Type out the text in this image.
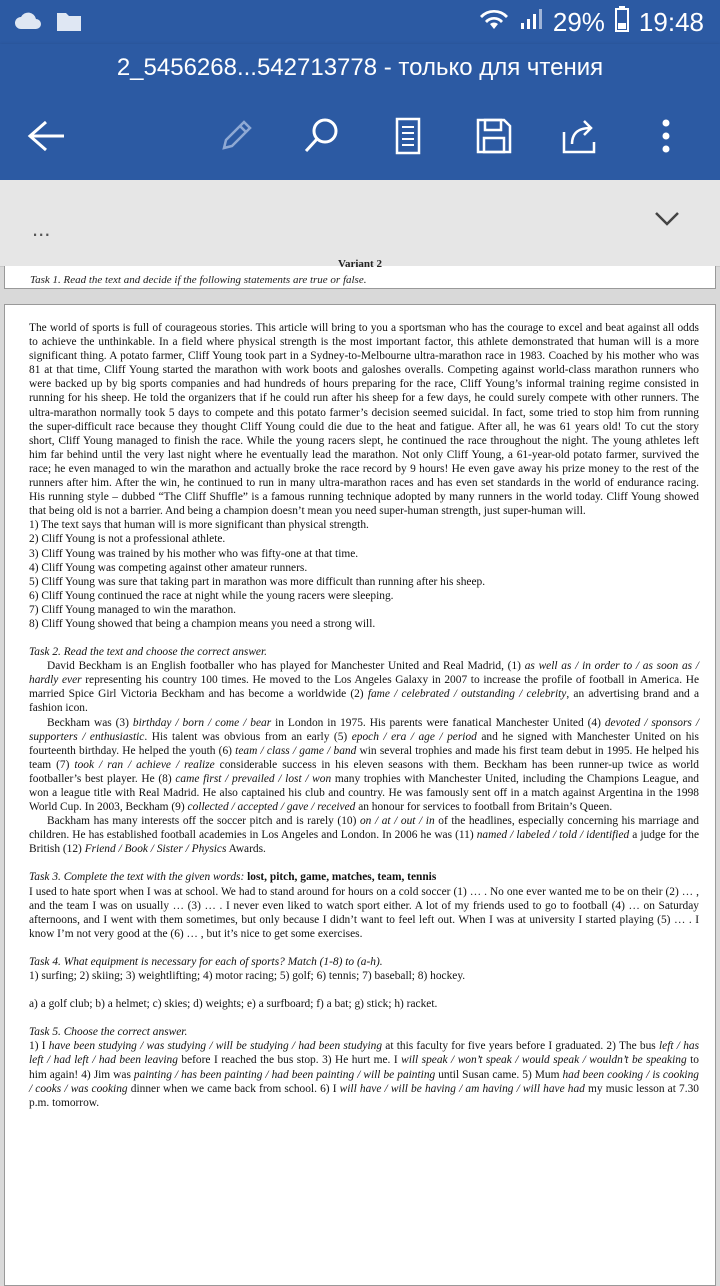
29% 19:48
2_5456268...542713778 - только для чтения
...
Variant 2
Task 1. Read the text and decide if the following statements are true or false.

The world of sports is full of courageous stories. This article will bring to you a sportsman who has the courage to excel and beat against all odds to achieve the unthinkable. In a field where physical strength is the most important factor, this athlete demonstrated that human will is a more significant thing. A potato farmer, Cliff Young took part in a Sydney-to-Melbourne ultra-marathon race in 1983. Coached by his mother who was 81 at that time, Cliff Young started the marathon with work boots and galoshes overalls. Competing against world-class marathon runners who were backed up by big sports companies and had hundreds of hours preparing for the race, Cliff Young’s informal training regime consisted in running for his sheep. He told the organizers that if he could run after his sheep for a few days, he could surely compete with other runners. The ultra-marathon normally took 5 days to compete and this potato farmer’s decision seemed suicidal. In fact, some tried to stop him from running the super-difficult race because they thought Cliff Young could die due to the heat and fatigue. After all, he was 61 years old! To cut the story short, Cliff Young managed to finish the race. While the young racers slept, he continued the race throughout the night. The young athletes left him far behind until the very last night where he eventually lead the marathon. Not only Cliff Young, a 61-year-old potato farmer, survived the race; he even managed to win the marathon and actually broke the race record by 9 hours! He even gave away his prize money to the rest of the runners after him. After the win, he continued to run in many ultra-marathon races and has even set standards in the world of endurance racing. His running style – dubbed “The Cliff Shuffle” is a famous running technique adopted by many runners in the world today. Cliff Young showed that being old is not a barrier. And being a champion doesn’t mean you need super-human strength, just super-human will.

1) The text says that human will is more significant than physical strength.

2) Cliff Young is not a professional athlete.

3) Cliff Young was trained by his mother who was fifty-one at that time.

4) Cliff Young was competing against other amateur runners.

5) Cliff Young was sure that taking part in marathon was more difficult than running after his sheep.

6) Cliff Young continued the race at night while the young racers were sleeping.

7) Cliff Young managed to win the marathon.

8) Cliff Young showed that being a champion means you need a strong will.

Task 2. Read the text and choose the correct answer.

David Beckham is an English footballer who has played for Manchester United and Real Madrid, (1) as well as / in order to / as soon as / hardly ever representing his country 100 times. He moved to the Los Angeles Galaxy in 2007 to increase the profile of football in America. He married Spice Girl Victoria Beckham and has become a worldwide (2) fame / celebrated / outstanding / celebrity, an advertising brand and a fashion icon.

Beckham was (3) birthday / born / come / bear in London in 1975. His parents were fanatical Manchester United (4) devoted / sponsors / supporters / enthusiastic. His talent was obvious from an early (5) epoch / era / age / period and he signed with Manchester United on his fourteenth birthday. He helped the youth (6) team / class / game / band win several trophies and made his first team debut in 1995. He helped his team (7) took / ran / achieve / realize considerable success in his eleven seasons with them. Beckham has been runner-up twice as world footballer’s best player. He (8) came first / prevailed / lost / won many trophies with Manchester United, including the Champions League, and won a league title with Real Madrid. He also captained his club and country. He was famously sent off in a match against Argentina in the 1998 World Cup. In 2003, Beckham (9) collected / accepted / gave / received an honour for services to football from Britain’s Queen.

Backham has many interests off the soccer pitch and is rarely (10) on / at / out / in of the headlines, especially concerning his marriage and children. He has established football academies in Los Angeles and London. In 2006 he was (11) named / labeled / told / identified a judge for the British (12) Friend / Book / Sister / Physics Awards.

Task 3. Complete the text with the given words: lost, pitch, game, matches, team, tennis

I used to hate sport when I was at school. We had to stand around for hours on a cold soccer (1) … . No one ever wanted me to be on their (2) … , and the team I was on usually … (3) … . I never even liked to watch sport either. A lot of my friends used to go to football (4) … on Saturday afternoons, and I went with them sometimes, but only because I didn’t want to feel left out. When I was at university I started playing (5) … . I know I’m not very good at the (6) … , but it’s nice to get some exercises.

Task 4. What equipment is necessary for each of sports? Match (1-8) to (a-h).

1) surfing; 2) skiing; 3) weightlifting; 4) motor racing; 5) golf; 6) tennis; 7) baseball; 8) hockey.

a) a golf club; b) a helmet; c) skies; d) weights; e) a surfboard; f) a bat; g) stick; h) racket.

Task 5. Choose the correct answer.

1) I have been studying / was studying / will be studying / had been studying at this faculty for five years before I graduated. 2) The bus left / has left / had left / had been leaving before I reached the bus stop. 3) He hurt me. I will speak / won’t speak / would speak / wouldn’t be speaking to him again! 4) Jim was painting / has been painting / had been painting / will be painting until Susan came. 5) Mum had been cooking / is cooking / cooks / was cooking dinner when we came back from school. 6) I will have / will be having / am having / will have had my music lesson at 7.30 p.m. tomorrow.
